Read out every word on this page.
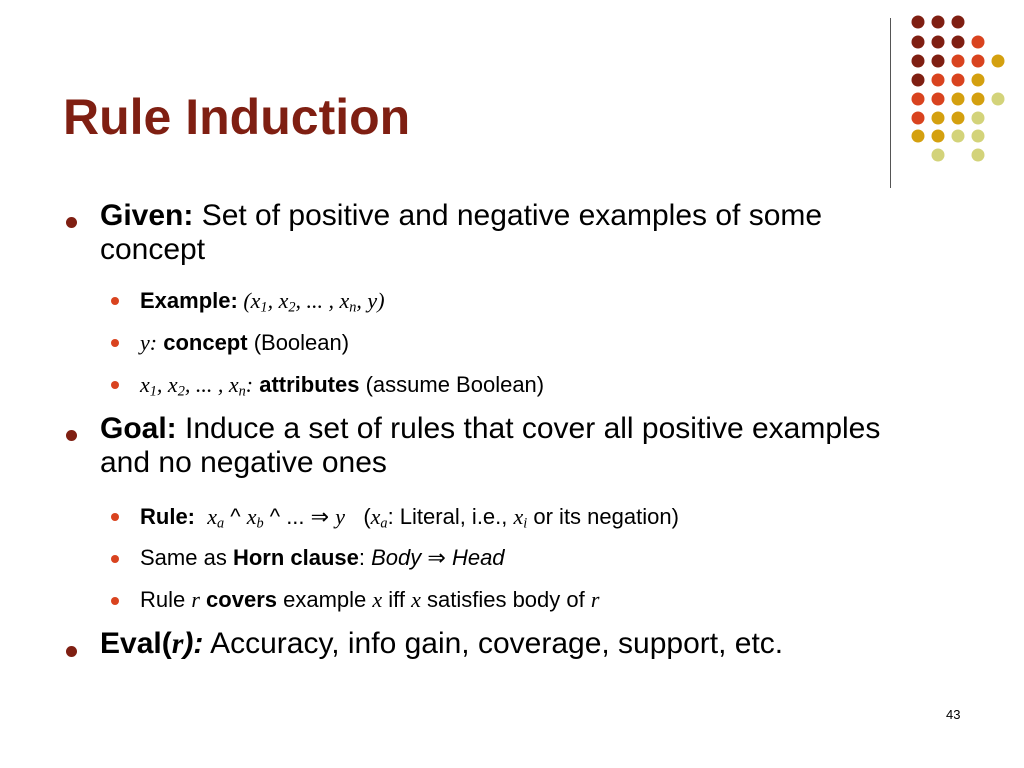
Rule Induction
Given: Set of positive and negative examples of some concept
Example: ($x_1$, $x_2$, ... , $x_n$, y)
y: concept (Boolean)
$x_1$, $x_2$, ... , $x_n$: attributes (assume Boolean)
Goal: Induce a set of rules that cover all positive examples and no negative ones
Rule: $x_a$ ^ $x_b$ ^ ... ⇒ y ($x_a$: Literal, i.e., $x_i$ or its negation)
Same as Horn clause: Body ⇒ Head
Rule r covers example x iff x satisfies body of r
Eval(r): Accuracy, info gain, coverage, support, etc.
43
